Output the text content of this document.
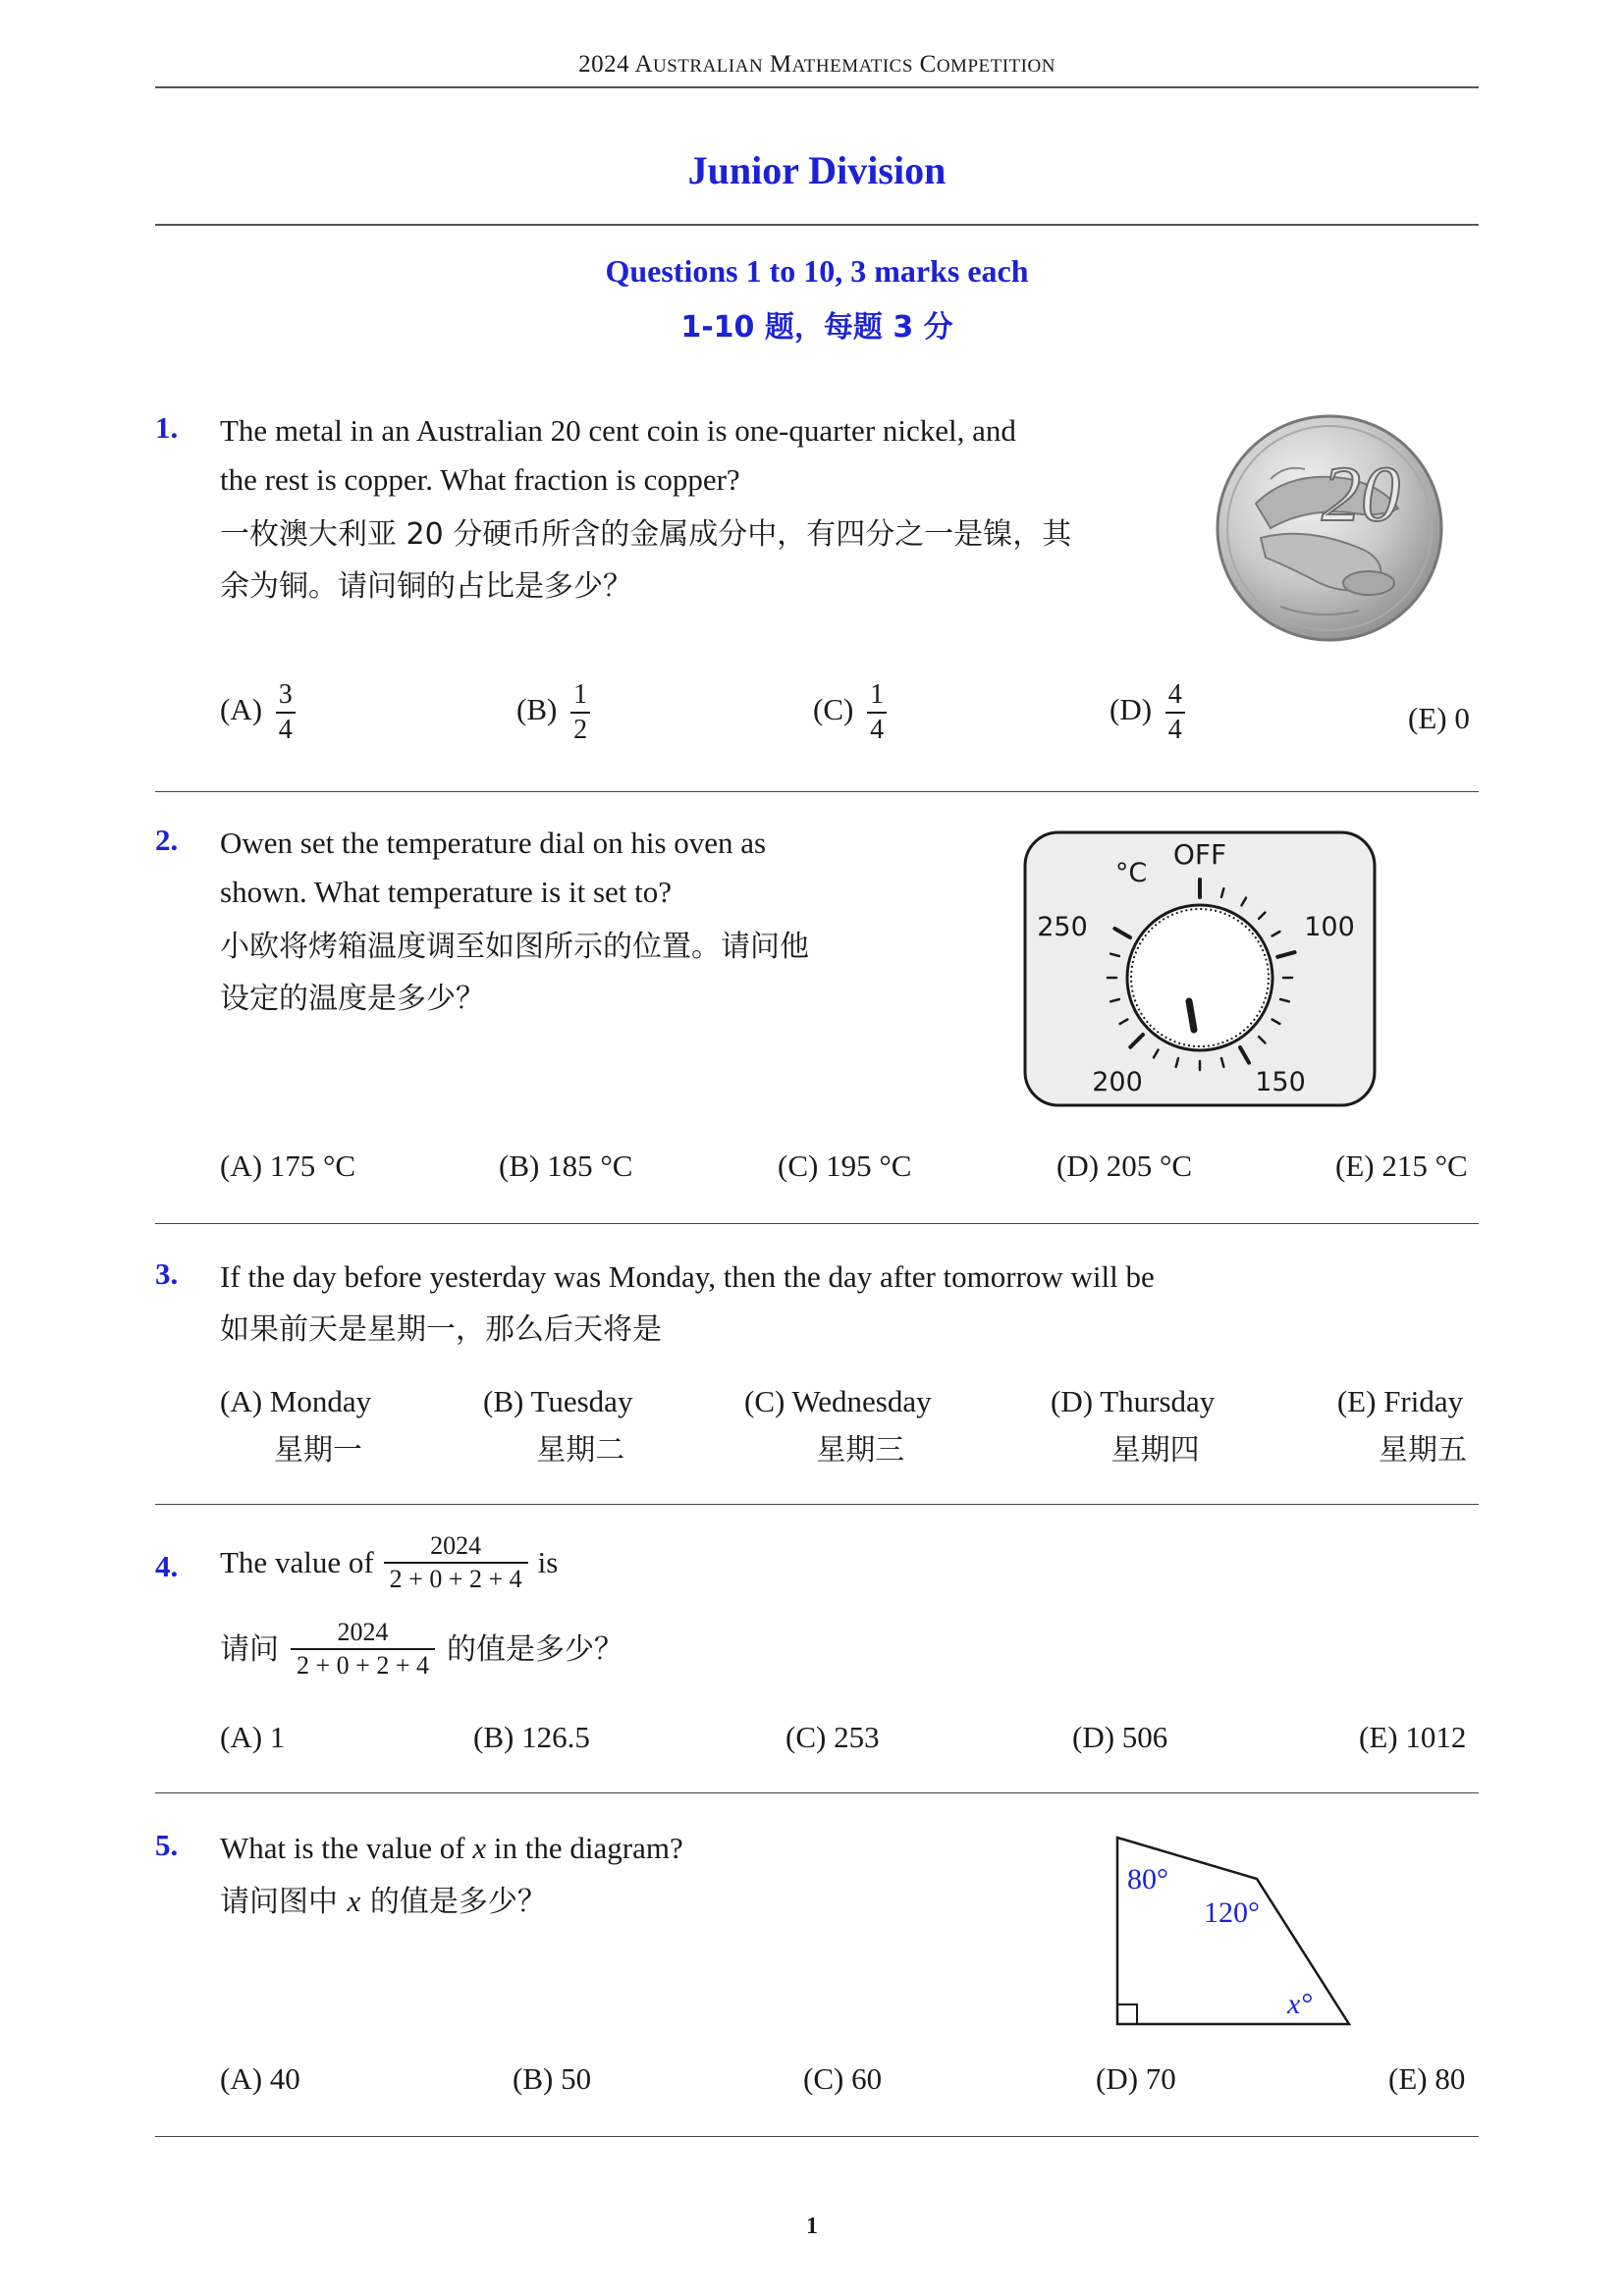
2024 AUSTRALIAN MATHEMATICS COMPETITION
Junior Division
Questions 1 to 10, 3 marks each
1-10 题，每题 3 分
1. The metal in an Australian 20 cent coin is one-quarter nickel, and
the rest is copper. What fraction is copper?
一枚澳大利亚 20 分硬币所含的金属成分中，有四分之一是镍，其
余为铜。请问铜的占比是多少？
20
$(A) \frac{3}{4}$	$(B) \frac{1}{2}$	$(C) \frac{1}{4}$	$(D) \frac{4}{4}$	(E) 0
2. Owen set the temperature dial on his oven as
shown. What temperature is it set to?
小欧将烤箱温度调至如图所示的位置。请问他
设定的温度是多少？
OFF
°C
250	100
200	150
(A) 175 °C	(B) 185 °C	(C) 195 °C	(D) 205 °C	(E) 215 °C
3. If the day before yesterday was Monday, then the day after tomorrow will be
如果前天是星期一，那么后天将是
(A) Monday
星期一
(B) Tuesday
星期二
(C) Wednesday
星期三
(D) Thursday
星期四
(E) Friday
星期五
4. The value of $\frac{2024}{2 + 0 + 2 + 4}$ is
请问 $\frac{2024}{2 + 0 + 2 + 4}$ 的值是多少？
(A) 1	(B) 126.5	(C) 253	(D) 506	(E) 1012
5. What is the value of x in the diagram?
请问图中 x 的值是多少？
80°
120°
x°
(A) 40	(B) 50	(C) 60	(D) 70	(E) 80
1
